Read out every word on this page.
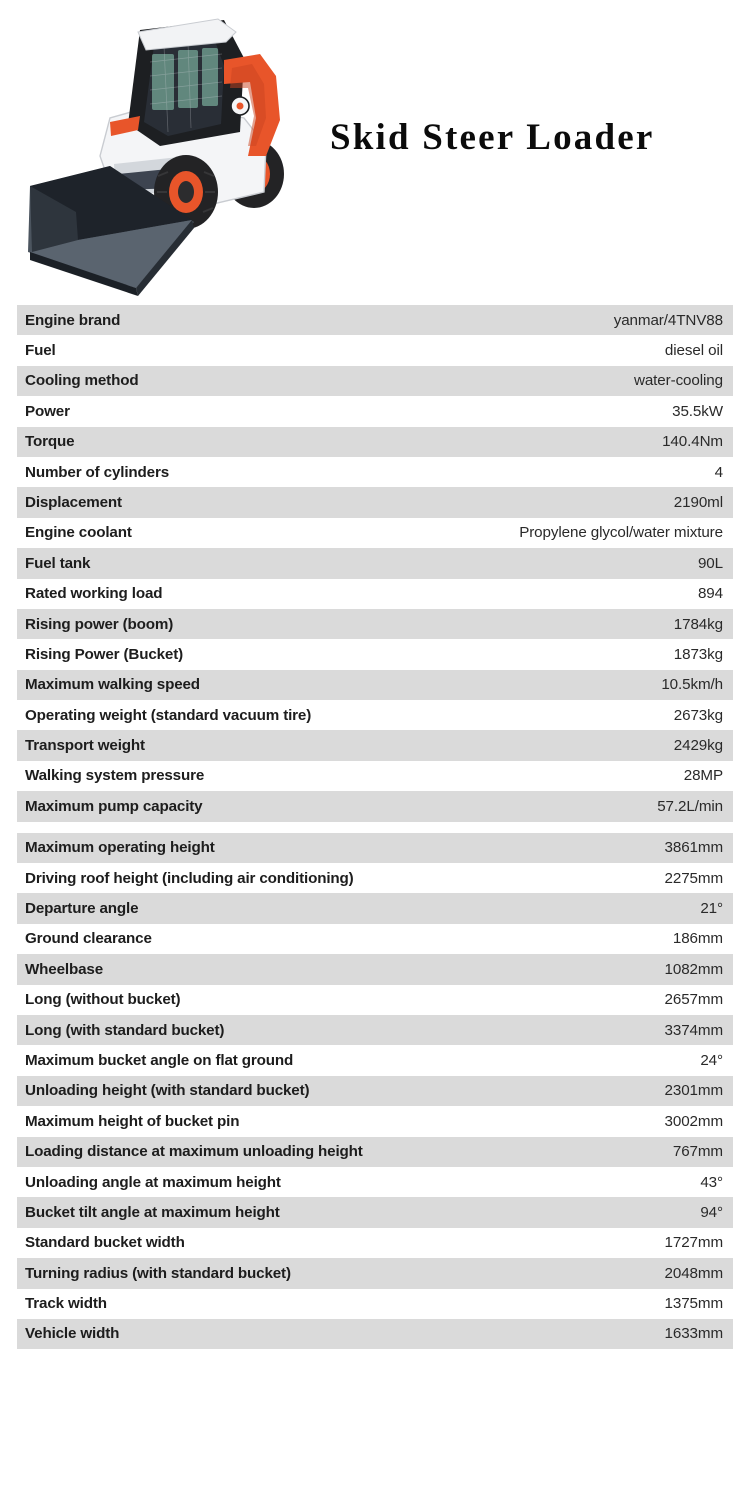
Skid Steer Loader
Engine brand	yanmar/4TNV88
Fuel	diesel oil
Cooling method	water-cooling
Power	35.5kW
Torque	140.4Nm
Number of cylinders	4
Displacement	2190ml
Engine coolant	Propylene glycol/water mixture
Fuel tank	90L
Rated working load	894
Rising power (boom)	1784kg
Rising Power (Bucket)	1873kg
Maximum walking speed	10.5km/h
Operating weight (standard vacuum tire)	2673kg
Transport weight	2429kg
Walking system pressure	28MP
Maximum pump capacity	57.2L/min
Maximum operating height	3861mm
Driving roof height (including air conditioning)	2275mm
Departure angle	21°
Ground clearance	186mm
Wheelbase	1082mm
Long (without bucket)	2657mm
Long (with standard bucket)	3374mm
Maximum bucket angle on flat ground	24°
Unloading height (with standard bucket)	2301mm
Maximum height of bucket pin	3002mm
Loading distance at maximum unloading height	767mm
Unloading angle at maximum height	43°
Bucket tilt angle at maximum height	94°
Standard bucket width	1727mm
Turning radius (with standard bucket)	2048mm
Track width	1375mm
Vehicle width	1633mm
